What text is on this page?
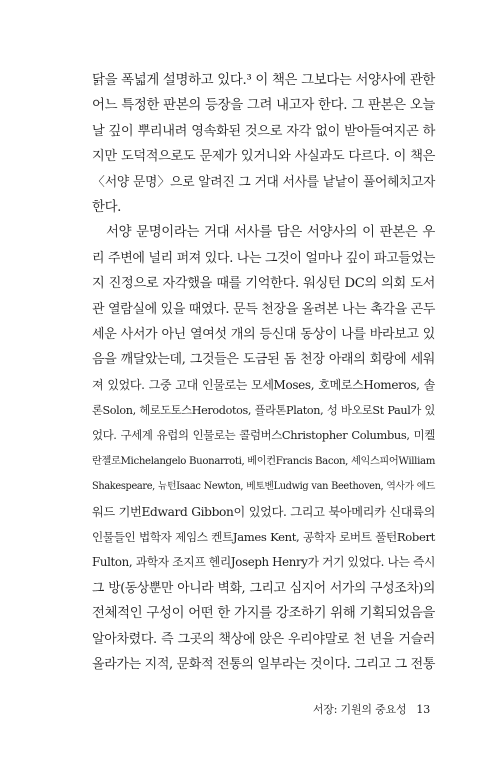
닭을 폭넓게 설명하고 있다.³ 이 책은 그보다는 서양사에 관한
어느 특정한 판본의 등장을 그려 내고자 한다. 그 판본은 오늘
날 깊이 뿌리내려 영속화된 것으로 자각 없이 받아들여지곤 하
지만 도덕적으로도 문제가 있거니와 사실과도 다르다. 이 책은
〈서양 문명〉으로 알려진 그 거대 서사를 낱낱이 풀어헤치고자
한다.
서양 문명이라는 거대 서사를 담은 서양사의 이 판본은 우
리 주변에 널리 퍼져 있다. 나는 그것이 얼마나 깊이 파고들었는
지 진정으로 자각했을 때를 기억한다. 워싱턴 DC의 의회 도서
관 열람실에 있을 때였다. 문득 천장을 올려본 나는 촉각을 곤두
세운 사서가 아닌 열여섯 개의 등신대 동상이 나를 바라보고 있
음을 깨달았는데, 그것들은 도금된 돔 천장 아래의 회랑에 세워
져 있었다. 그중 고대 인물로는 모세Moses, 호메로스Homeros, 솔
론Solon, 헤로도토스Herodotos, 플라톤Platon, 성 바오로St Paul가 있
었다. 구세계 유럽의 인물로는 콜럼버스Christopher Columbus, 미켈
란젤로Michelangelo Buonarroti, 베이컨Francis Bacon, 셰익스피어William
Shakespeare, 뉴턴Isaac Newton, 베토벤Ludwig van Beethoven, 역사가 에드
워드 기번Edward Gibbon이 있었다. 그리고 북아메리카 신대륙의
인물들인 법학자 제임스 켄트James Kent, 공학자 로버트 풀턴Robert
Fulton, 과학자 조지프 헨리Joseph Henry가 거기 있었다. 나는 즉시
그 방(동상뿐만 아니라 벽화, 그리고 심지어 서가의 구성조차)의
전체적인 구성이 어떤 한 가지를 강조하기 위해 기획되었음을
알아차렸다. 즉 그곳의 책상에 앉은 우리야말로 천 년을 거슬러
올라가는 지적, 문화적 전통의 일부라는 것이다. 그리고 그 전통
서장: 기원의 중요성 13
